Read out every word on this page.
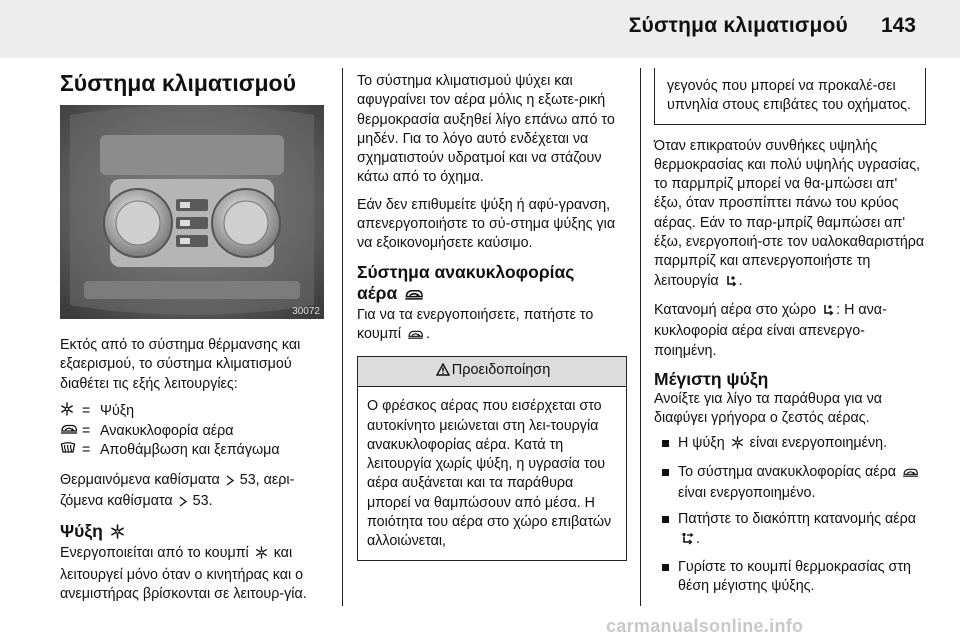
Σύστημα κλιματισμού 143
Σύστημα κλιματισμού
30072

Εκτός από το σύστημα θέρμανσης και εξαερισμού, το σύστημα κλιματισμού διαθέτει τις εξής λειτουργίες:

= Ψύξη
= Ανακυκλοφορία αέρα
= Αποθάμβωση και ξεπάγωμα

Θερμαινόμενα καθίσματα 53, αερι- ζόμενα καθίσματα 53.

Ψύξη

Ενεργοποιείται από το κουμπί και λειτουργεί μόνο όταν ο κινητήρας και ο ανεμιστήρας βρίσκονται σε λειτουρ-γία.

Το σύστημα κλιματισμού ψύχει και αφυγραίνει τον αέρα μόλις η εξωτε-ρική θερμοκρασία αυξηθεί λίγο επάνω από το μηδέν. Για το λόγο αυτό ενδέχεται να σχηματιστούν υδρατμοί και να στάζουν κάτω από το όχημα.

Εάν δεν επιθυμείτε ψύξη ή αφύ-γρανση, απενεργοποιήστε το σύ-στημα ψύξης για να εξοικονομήσετε καύσιμο.

Σύστημα ανακυκλοφορίας
αέρα

Για να τα ενεργοποιήσετε, πατήστε το κουμπί .

Προειδοποίηση

Ο φρέσκος αέρας που εισέρχεται στο αυτοκίνητο μειώνεται στη λει-τουργία ανακυκλοφορίας αέρα. Κατά τη λειτουργία χωρίς ψύξη, η υγρασία του αέρα αυξάνεται και τα παράθυρα μπορεί να θαμπώσουν από μέσα. Η ποιότητα του αέρα στο χώρο επιβατών αλλοιώνεται,

γεγονός που μπορεί να προκαλέ-σει υπνηλία στους επιβάτες του οχήματος.

Όταν επικρατούν συνθήκες υψηλής θερμοκρασίας και πολύ υψηλής υγρασίας, το παρμπρίζ μπορεί να θα-μπώσει απ' έξω, όταν προσπίπτει πάνω του κρύος αέρας. Εάν το παρ-μπρίζ θαμπώσει απ' έξω, ενεργοποιή-στε τον υαλοκαθαριστήρα παρμπρίζ και απενεργοποιήστε τη λειτουργία .

Κατανομή αέρα στο χώρο : Η ανα-κυκλοφορία αέρα είναι απενεργο-ποιημένη.

Μέγιστη ψύξη

Ανοίξτε για λίγο τα παράθυρα για να διαφύγει γρήγορα ο ζεστός αέρας.

Η ψύξη είναι ενεργοποιημένη.
Το σύστημα ανακυκλοφορίας αέρα  είναι ενεργοποιημένο.
Πατήστε το διακόπτη κατανομής αέρα .
Γυρίστε το κουμπί θερμοκρασίας στη θέση μέγιστης ψύξης.
carmanualsonline.info
